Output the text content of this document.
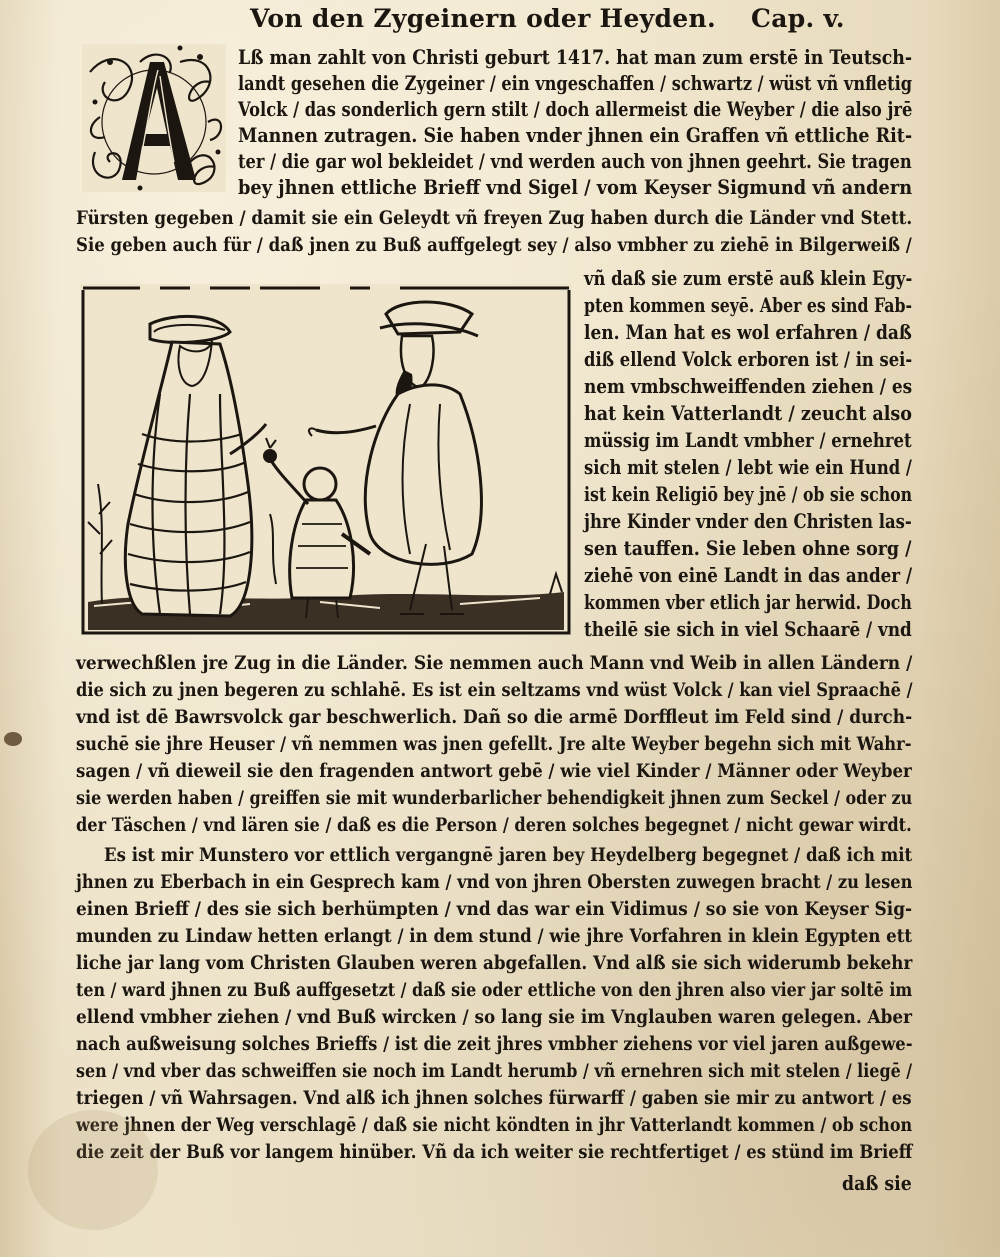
Von den Zygeinern oder Heyden. Cap. v.
Lß man zahlt von Christi geburt 1417. hat man zum erstē in Teutsch-
landt gesehen die Zygeiner / ein vngeschaffen / schwartz / wüst vñ vnfletig
Volck / das sonderlich gern stilt / doch allermeist die Weyber / die also jrē
Mannen zutragen. Sie haben vnder jhnen ein Graffen vñ ettliche Rit-
ter / die gar wol bekleidet / vnd werden auch von jhnen geehrt. Sie tragen
bey jhnen ettliche Brieff vnd Sigel / vom Keyser Sigmund vñ andern
Fürsten gegeben / damit sie ein Geleydt vñ freyen Zug haben durch die Länder vnd Stett.
Sie geben auch für / daß jnen zu Buß auffgelegt sey / also vmbher zu ziehē in Bilgerweiß /
vñ daß sie zum erstē auß klein Egy-
pten kommen seyē. Aber es sind Fab-
len. Man hat es wol erfahren / daß
diß ellend Volck erboren ist / in sei-
nem vmbschweiffenden ziehen / es
hat kein Vatterlandt / zeucht also
müssig im Landt vmbher / ernehret
sich mit stelen / lebt wie ein Hund /
ist kein Religiō bey jnē / ob sie schon
jhre Kinder vnder den Christen las-
sen tauffen. Sie leben ohne sorg /
ziehē von einē Landt in das ander /
kommen vber etlich jar herwid. Doch
theilē sie sich in viel Schaarē / vnd
verwechßlen jre Zug in die Länder. Sie nemmen auch Mann vnd Weib in allen Ländern /
die sich zu jnen begeren zu schlahē. Es ist ein seltzams vnd wüst Volck / kan viel Spraachē /
vnd ist dē Bawrsvolck gar beschwerlich. Dañ so die armē Dorffleut im Feld sind / durch-
suchē sie jhre Heuser / vñ nemmen was jnen gefellt. Jre alte Weyber begehn sich mit Wahr-
sagen / vñ dieweil sie den fragenden antwort gebē / wie viel Kinder / Männer oder Weyber
sie werden haben / greiffen sie mit wunderbarlicher behendigkeit jhnen zum Seckel / oder zu
der Täschen / vnd lären sie / daß es die Person / deren solches begegnet / nicht gewar wirdt.
Es ist mir Munstero vor ettlich vergangnē jaren bey Heydelberg begegnet / daß ich mit
jhnen zu Eberbach in ein Gesprech kam / vnd von jhren Obersten zuwegen bracht / zu lesen
einen Brieff / des sie sich berhümpten / vnd das war ein Vidimus / so sie von Keyser Sig-
munden zu Lindaw hetten erlangt / in dem stund / wie jhre Vorfahren in klein Egypten ett
liche jar lang vom Christen Glauben weren abgefallen. Vnd alß sie sich widerumb bekehr
ten / ward jhnen zu Buß auffgesetzt / daß sie oder ettliche von den jhren also vier jar soltē im
ellend vmbher ziehen / vnd Buß wircken / so lang sie im Vnglauben waren gelegen. Aber
nach außweisung solches Brieffs / ist die zeit jhres vmbher ziehens vor viel jaren außgewe-
sen / vnd vber das schweiffen sie noch im Landt herumb / vñ ernehren sich mit stelen / liegē /
triegen / vñ Wahrsagen. Vnd alß ich jhnen solches fürwarff / gaben sie mir zu antwort / es
were jhnen der Weg verschlagē / daß sie nicht köndten in jhr Vatterlandt kommen / ob schon
die zeit der Buß vor langem hinüber. Vñ da ich weiter sie rechtfertiget / es stünd im Brieff
daß sie
